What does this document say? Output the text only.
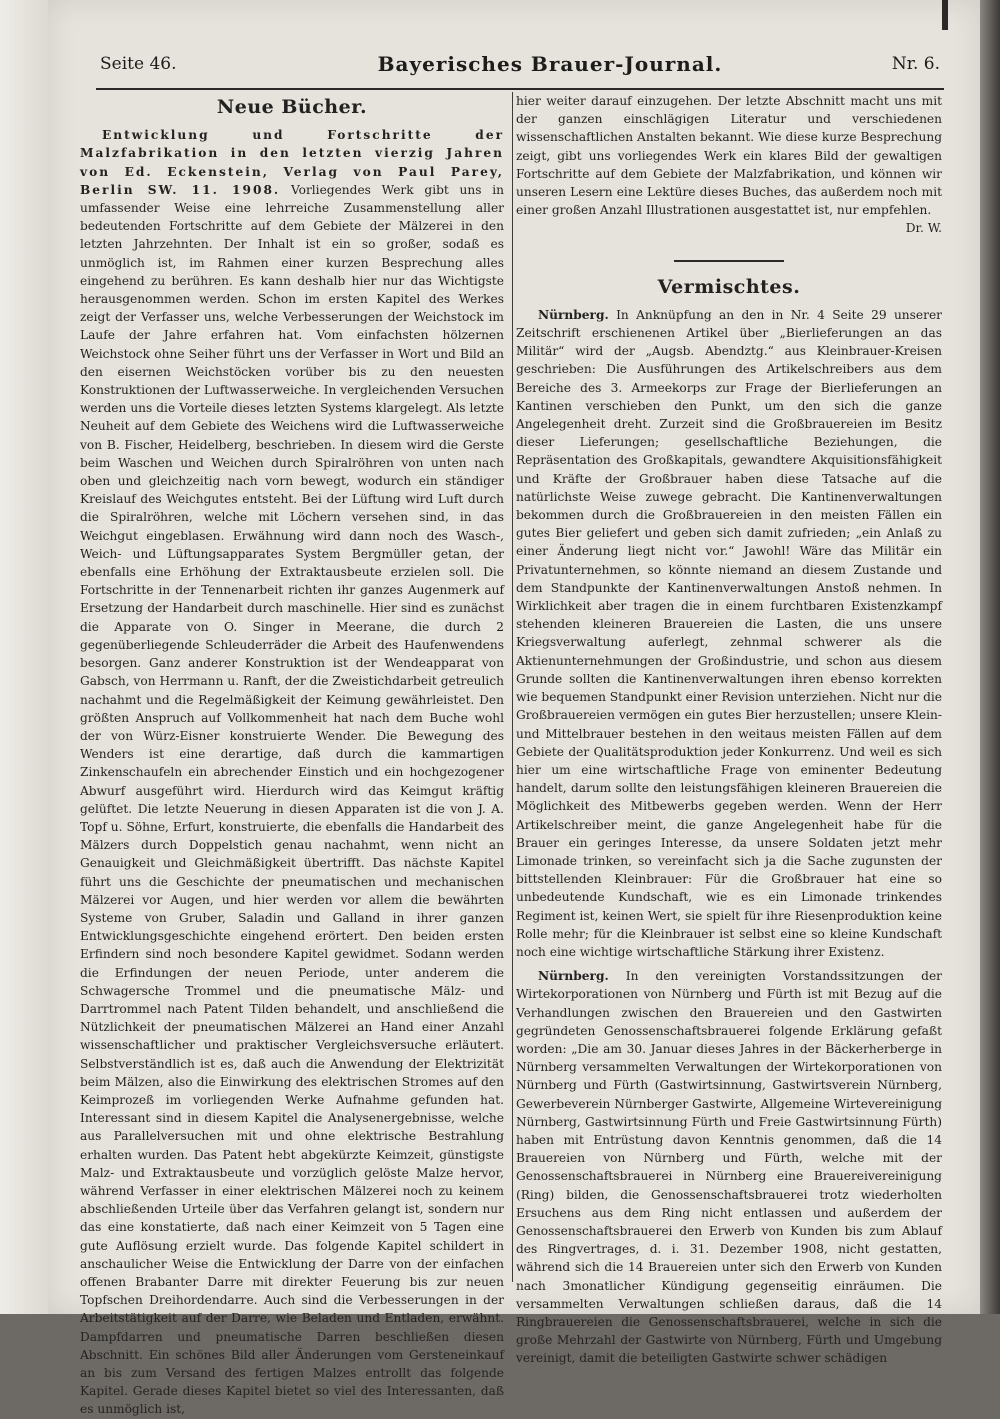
Seite 46.	Bayerisches Brauer-Journal.	Nr. 6.
Neue Bücher.

Entwicklung und Fortschritte der Malzfabrikation in den letzten vierzig Jahren von Ed. Eckenstein, Verlag von Paul Parey, Berlin SW. 11. 1908. Vorliegendes Werk gibt uns in umfassender Weise eine lehrreiche Zusammenstellung aller bedeutenden Fortschritte auf dem Gebiete der Mälzerei in den letzten Jahrzehnten. Der Inhalt ist ein so großer, sodaß es unmöglich ist, im Rahmen einer kurzen Besprechung alles eingehend zu berühren. Es kann deshalb hier nur das Wichtigste herausgenommen werden. Schon im ersten Kapitel des Werkes zeigt der Verfasser uns, welche Verbesserungen der Weichstock im Laufe der Jahre erfahren hat. Vom einfachsten hölzernen Weichstock ohne Seiher führt uns der Verfasser in Wort und Bild an den eisernen Weichstöcken vorüber bis zu den neuesten Konstruktionen der Luftwasserweiche. In vergleichenden Versuchen werden uns die Vorteile dieses letzten Systems klargelegt. Als letzte Neuheit auf dem Gebiete des Weichens wird die Luftwasserweiche von B. Fischer, Heidelberg, beschrieben. In diesem wird die Gerste beim Waschen und Weichen durch Spiralröhren von unten nach oben und gleichzeitig nach vorn bewegt, wodurch ein ständiger Kreislauf des Weichgutes entsteht. Bei der Lüftung wird Luft durch die Spiralröhren, welche mit Löchern versehen sind, in das Weichgut eingeblasen. Erwähnung wird dann noch des Wasch-, Weich- und Lüftungsapparates System Bergmüller getan, der ebenfalls eine Erhöhung der Extraktausbeute erzielen soll. Die Fortschritte in der Tennenarbeit richten ihr ganzes Augenmerk auf Ersetzung der Handarbeit durch maschinelle. Hier sind es zunächst die Apparate von O. Singer in Meerane, die durch 2 gegenüberliegende Schleuderräder die Arbeit des Haufenwendens besorgen. Ganz anderer Konstruktion ist der Wendeapparat von Gabsch, von Herrmann u. Ranft, der die Zweistichdarbeit getreulich nachahmt und die Regelmäßigkeit der Keimung gewährleistet. Den größten Anspruch auf Vollkommenheit hat nach dem Buche wohl der von Würz-Eisner konstruierte Wender. Die Bewegung des Wenders ist eine derartige, daß durch die kammartigen Zinkenschaufeln ein abrechender Einstich und ein hochgezogener Abwurf ausgeführt wird. Hierdurch wird das Keimgut kräftig gelüftet. Die letzte Neuerung in diesen Apparaten ist die von J. A. Topf u. Söhne, Erfurt, konstruierte, die ebenfalls die Handarbeit des Mälzers durch Doppelstich genau nachahmt, wenn nicht an Genauigkeit und Gleichmäßigkeit übertrifft. Das nächste Kapitel führt uns die Geschichte der pneumatischen und mechanischen Mälzerei vor Augen, und hier werden vor allem die bewährten Systeme von Gruber, Saladin und Galland in ihrer ganzen Entwicklungsgeschichte eingehend erörtert. Den beiden ersten Erfindern sind noch besondere Kapitel gewidmet. Sodann werden die Erfindungen der neuen Periode, unter anderem die Schwagersche Trommel und die pneumatische Mälz- und Darrtrommel nach Patent Tilden behandelt, und anschließend die Nützlichkeit der pneumatischen Mälzerei an Hand einer Anzahl wissenschaftlicher und praktischer Vergleichsversuche erläutert. Selbstverständlich ist es, daß auch die Anwendung der Elektrizität beim Mälzen, also die Einwirkung des elektrischen Stromes auf den Keimprozeß im vorliegenden Werke Aufnahme gefunden hat. Interessant sind in diesem Kapitel die Analysenergebnisse, welche aus Parallelversuchen mit und ohne elektrische Bestrahlung erhalten wurden. Das Patent hebt abgekürzte Keimzeit, günstigste Malz- und Extraktausbeute und vorzüglich gelöste Malze hervor, während Verfasser in einer elektrischen Mälzerei noch zu keinem abschließenden Urteile über das Verfahren gelangt ist, sondern nur das eine konstatierte, daß nach einer Keimzeit von 5 Tagen eine gute Auflösung erzielt wurde. Das folgende Kapitel schildert in anschaulicher Weise die Entwicklung der Darre von der einfachen offenen Brabanter Darre mit direkter Feuerung bis zur neuen Topfschen Dreihordendarre. Auch sind die Verbesserungen in der Arbeitstätigkeit auf der Darre, wie Beladen und Entladen, erwähnt. Dampfdarren und pneumatische Darren beschließen diesen Abschnitt. Ein schönes Bild aller Änderungen vom Gersteneinkauf an bis zum Versand des fertigen Malzes entrollt das folgende Kapitel. Gerade dieses Kapitel bietet so viel des Interessanten, daß es unmöglich ist,

hier weiter darauf einzugehen. Der letzte Abschnitt macht uns mit der ganzen einschlägigen Literatur und verschiedenen wissenschaftlichen Anstalten bekannt. Wie diese kurze Besprechung zeigt, gibt uns vorliegendes Werk ein klares Bild der gewaltigen Fortschritte auf dem Gebiete der Malzfabrikation, und können wir unseren Lesern eine Lektüre dieses Buches, das außerdem noch mit einer großen Anzahl Illustrationen ausgestattet ist, nur empfehlen.

Dr. W.

Vermischtes.

Nürnberg. In Anknüpfung an den in Nr. 4 Seite 29 unserer Zeitschrift erschienenen Artikel über „Bierlieferungen an das Militär“ wird der „Augsb. Abendztg.“ aus Kleinbrauer-Kreisen geschrieben: Die Ausführungen des Artikelschreibers aus dem Bereiche des 3. Armeekorps zur Frage der Bierlieferungen an Kantinen verschieben den Punkt, um den sich die ganze Angelegenheit dreht. Zurzeit sind die Großbrauereien im Besitz dieser Lieferungen; gesellschaftliche Beziehungen, die Repräsentation des Großkapitals, gewandtere Akquisitionsfähigkeit und Kräfte der Großbrauer haben diese Tatsache auf die natürlichste Weise zuwege gebracht. Die Kantinenverwaltungen bekommen durch die Großbrauereien in den meisten Fällen ein gutes Bier geliefert und geben sich damit zufrieden; „ein Anlaß zu einer Änderung liegt nicht vor.“ Jawohl! Wäre das Militär ein Privatunternehmen, so könnte niemand an diesem Zustande und dem Standpunkte der Kantinenverwaltungen Anstoß nehmen. In Wirklichkeit aber tragen die in einem furchtbaren Existenzkampf stehenden kleineren Brauereien die Lasten, die uns unsere Kriegsverwaltung auferlegt, zehnmal schwerer als die Aktienunternehmungen der Großindustrie, und schon aus diesem Grunde sollten die Kantinenverwaltungen ihren ebenso korrekten wie bequemen Standpunkt einer Revision unterziehen. Nicht nur die Großbrauereien vermögen ein gutes Bier herzustellen; unsere Klein- und Mittelbrauer bestehen in den weitaus meisten Fällen auf dem Gebiete der Qualitätsproduktion jeder Konkurrenz. Und weil es sich hier um eine wirtschaftliche Frage von eminenter Bedeutung handelt, darum sollte den leistungsfähigen kleineren Brauereien die Möglichkeit des Mitbewerbs gegeben werden. Wenn der Herr Artikelschreiber meint, die ganze Angelegenheit habe für die Brauer ein geringes Interesse, da unsere Soldaten jetzt mehr Limonade trinken, so vereinfacht sich ja die Sache zugunsten der bittstellenden Kleinbrauer: Für die Großbrauer hat eine so unbedeutende Kundschaft, wie es ein Limonade trinkendes Regiment ist, keinen Wert, sie spielt für ihre Riesenproduktion keine Rolle mehr; für die Kleinbrauer ist selbst eine so kleine Kundschaft noch eine wichtige wirtschaftliche Stärkung ihrer Existenz.

Nürnberg. In den vereinigten Vorstandssitzungen der Wirtekorporationen von Nürnberg und Fürth ist mit Bezug auf die Verhandlungen zwischen den Brauereien und den Gastwirten gegründeten Genossenschaftsbrauerei folgende Erklärung gefaßt worden: „Die am 30. Januar dieses Jahres in der Bäckerherberge in Nürnberg versammelten Verwaltungen der Wirtekorporationen von Nürnberg und Fürth (Gastwirtsinnung, Gastwirtsverein Nürnberg, Gewerbeverein Nürnberger Gastwirte, Allgemeine Wirtevereinigung Nürnberg, Gastwirtsinnung Fürth und Freie Gastwirtsinnung Fürth) haben mit Entrüstung davon Kenntnis genommen, daß die 14 Brauereien von Nürnberg und Fürth, welche mit der Genossenschaftsbrauerei in Nürnberg eine Brauereivereinigung (Ring) bilden, die Genossenschaftsbrauerei trotz wiederholten Ersuchens aus dem Ring nicht entlassen und außerdem der Genossenschaftsbrauerei den Erwerb von Kunden bis zum Ablauf des Ringvertrages, d. i. 31. Dezember 1908, nicht gestatten, während sich die 14 Brauereien unter sich den Erwerb von Kunden nach 3monatlicher Kündigung gegenseitig einräumen. Die versammelten Verwaltungen schließen daraus, daß die 14 Ringbrauereien die Genossenschaftsbrauerei, welche in sich die große Mehrzahl der Gastwirte von Nürnberg, Fürth und Umgebung vereinigt, damit die beteiligten Gastwirte schwer schädigen
